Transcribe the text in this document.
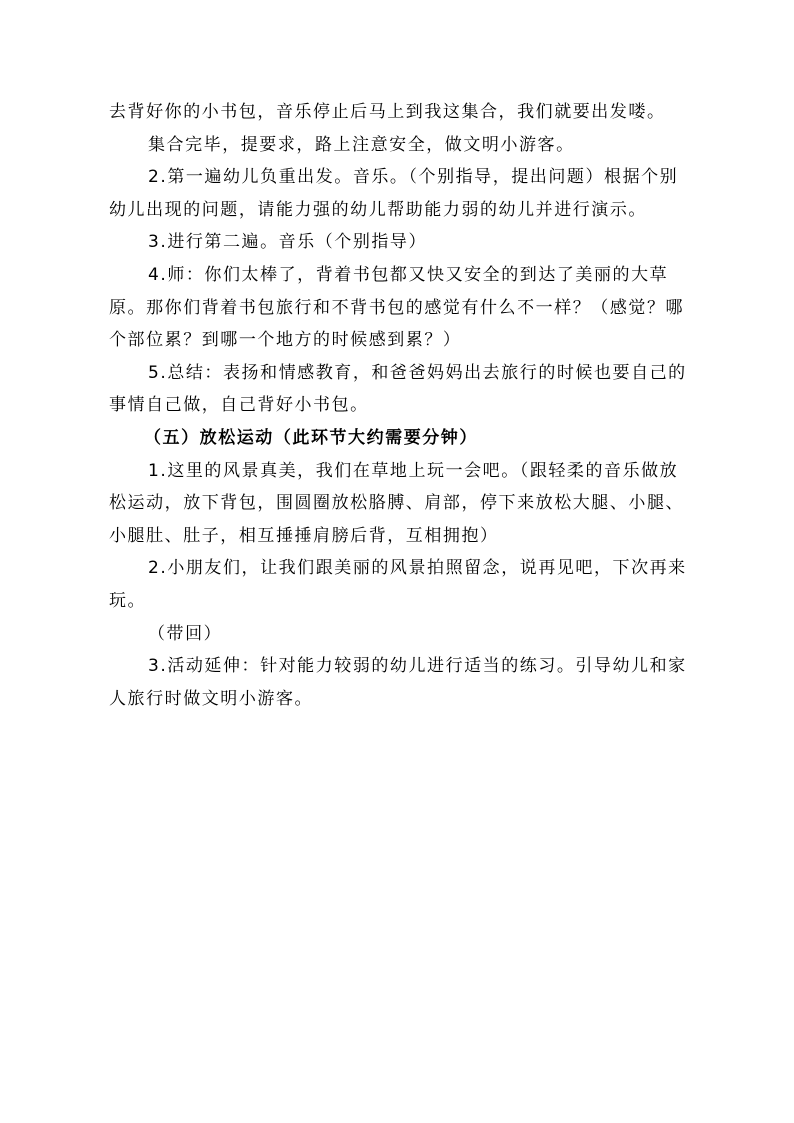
去背好你的小书包，音乐停止后马上到我这集合，我们就要出发喽。

集合完毕，提要求，路上注意安全，做文明小游客。

2.第一遍幼儿负重出发。音乐。（个别指导，提出问题）根据个别幼儿出现的问题，请能力强的幼儿帮助能力弱的幼儿并进行演示。

3.进行第二遍。音乐（个别指导）

4.师：你们太棒了，背着书包都又快又安全的到达了美丽的大草原。那你们背着书包旅行和不背书包的感觉有什么不一样？（感觉？哪个部位累？到哪一个地方的时候感到累？）

5.总结：表扬和情感教育，和爸爸妈妈出去旅行的时候也要自己的事情自己做，自己背好小书包。

（五）放松运动（此环节大约需要分钟）

1.这里的风景真美，我们在草地上玩一会吧。（跟轻柔的音乐做放松运动，放下背包，围圆圈放松胳膊、肩部，停下来放松大腿、小腿、小腿肚、肚子，相互捶捶肩膀后背，互相拥抱）

2.小朋友们，让我们跟美丽的风景拍照留念，说再见吧，下次再来玩。

（带回）

3.活动延伸：针对能力较弱的幼儿进行适当的练习。引导幼儿和家人旅行时做文明小游客。
